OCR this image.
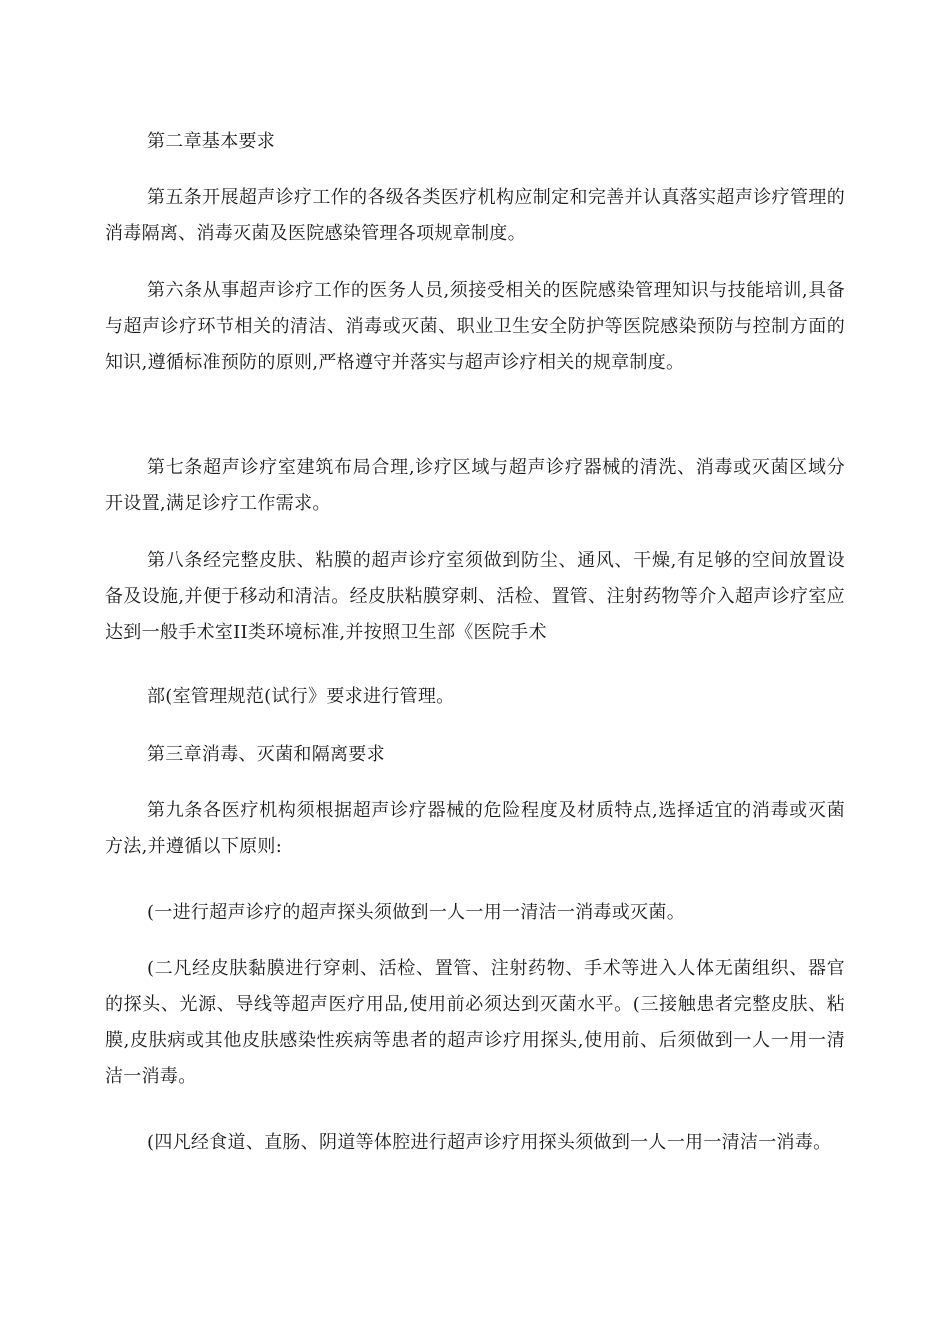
第二章基本要求

第五条开展超声诊疗工作的各级各类医疗机构应制定和完善并认真落实超声诊疗管理的消毒隔离、消毒灭菌及医院感染管理各项规章制度。

第六条从事超声诊疗工作的医务人员,须接受相关的医院感染管理知识与技能培训,具备与超声诊疗环节相关的清洁、消毒或灭菌、职业卫生安全防护等医院感染预防与控制方面的知识,遵循标准预防的原则,严格遵守并落实与超声诊疗相关的规章制度。

第七条超声诊疗室建筑布局合理,诊疗区域与超声诊疗器械的清洗、消毒或灭菌区域分开设置,满足诊疗工作需求。

第八条经完整皮肤、粘膜的超声诊疗室须做到防尘、通风、干燥,有足够的空间放置设备及设施,并便于移动和清洁。经皮肤粘膜穿刺、活检、置管、注射药物等介入超声诊疗室应达到一般手术室II类环境标准,并按照卫生部《医院手术

部(室管理规范(试行》要求进行管理。

第三章消毒、灭菌和隔离要求

第九条各医疗机构须根据超声诊疗器械的危险程度及材质特点,选择适宜的消毒或灭菌方法,并遵循以下原则:

(一进行超声诊疗的超声探头须做到一人一用一清洁一消毒或灭菌。

(二凡经皮肤黏膜进行穿刺、活检、置管、注射药物、手术等进入人体无菌组织、器官的探头、光源、导线等超声医疗用品,使用前必须达到灭菌水平。(三接触患者完整皮肤、粘膜,皮肤病或其他皮肤感染性疾病等患者的超声诊疗用探头,使用前、后须做到一人一用一清洁一消毒。

(四凡经食道、直肠、阴道等体腔进行超声诊疗用探头须做到一人一用一清洁一消毒。
